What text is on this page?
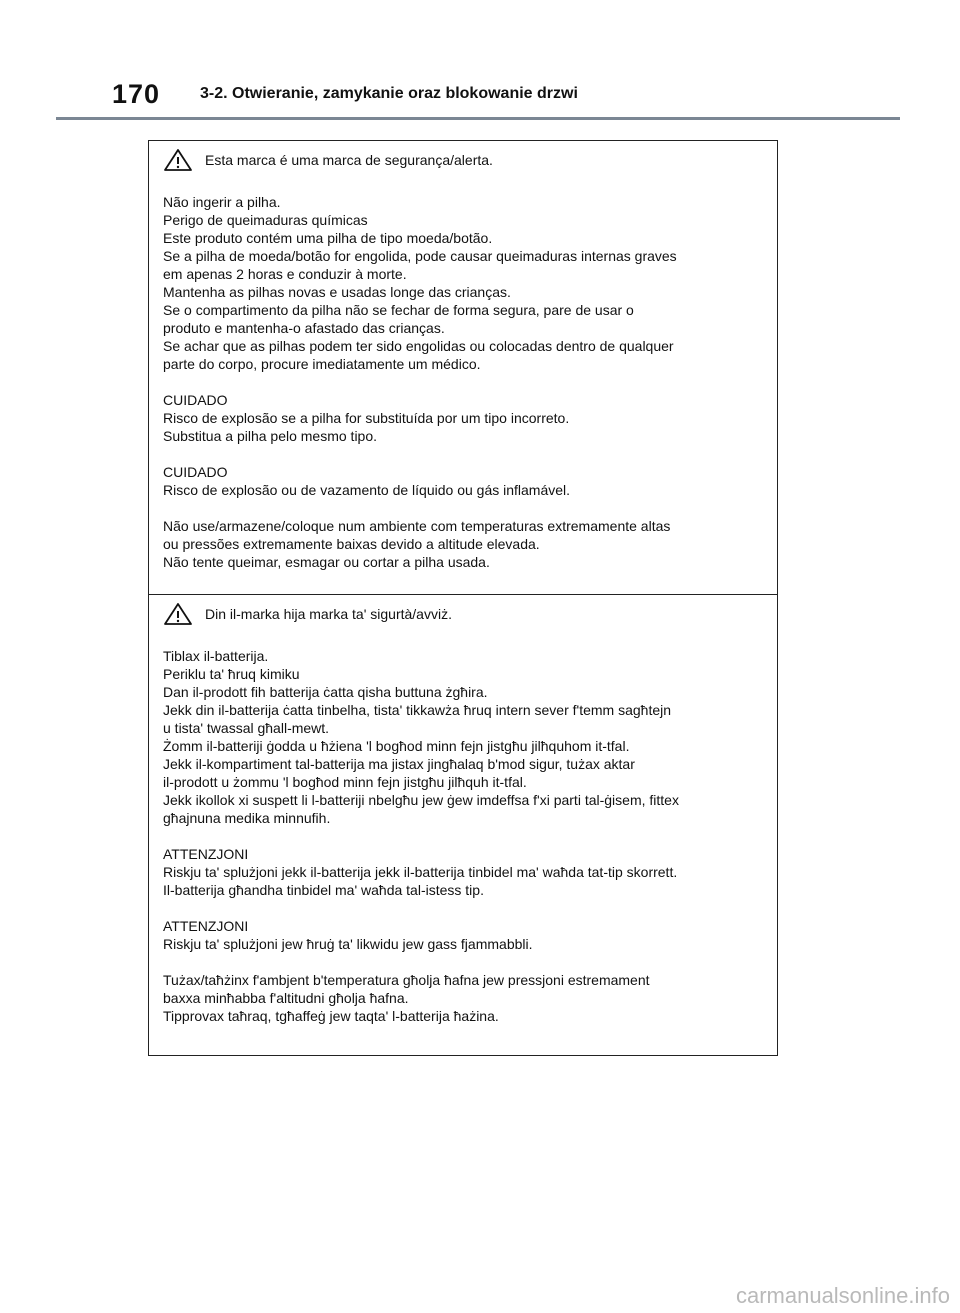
170 3-2. Otwieranie, zamykanie oraz blokowanie drzwi
Esta marca é uma marca de segurança/alerta.
Não ingerir a pilha.
Perigo de queimaduras químicas
Este produto contém uma pilha de tipo moeda/botão.
Se a pilha de moeda/botão for engolida, pode causar queimaduras internas graves
em apenas 2 horas e conduzir à morte.
Mantenha as pilhas novas e usadas longe das crianças.
Se o compartimento da pilha não se fechar de forma segura, pare de usar o
produto e mantenha-o afastado das crianças.
Se achar que as pilhas podem ter sido engolidas ou colocadas dentro de qualquer
parte do corpo, procure imediatamente um médico.
CUIDADO
Risco de explosão se a pilha for substituída por um tipo incorreto.
Substitua a pilha pelo mesmo tipo.
CUIDADO
Risco de explosão ou de vazamento de líquido ou gás inflamável.
Não use/armazene/coloque num ambiente com temperaturas extremamente altas
ou pressões extremamente baixas devido a altitude elevada.
Não tente queimar, esmagar ou cortar a pilha usada.
Din il-marka hija marka ta' sigurtà/avviż.
Tiblax il-batterija.
Periklu ta' ħruq kimiku
Dan il-prodott fih batterija ċatta qisha buttuna żgħira.
Jekk din il-batterija ċatta tinbelha, tista' tikkawża ħruq intern sever f'temm sagħtejn
u tista' twassal għall-mewt.
Żomm il-batteriji ġodda u ħżiena 'l bogħod minn fejn jistgħu jilħquhom it-tfal.
Jekk il-kompartiment tal-batterija ma jistax jingħalaq b'mod sigur, tużax aktar
il-prodott u żommu 'l bogħod minn fejn jistgħu jilħquh it-tfal.
Jekk ikollok xi suspett li l-batteriji nbelgħu jew ġew imdeffsa f'xi parti tal-ġisem, fittex
għajnuna medika minnufih.
ATTENZJONI
Riskju ta' splużjoni jekk il-batterija jekk il-batterija tinbidel ma' waħda tat-tip skorrett.
Il-batterija għandha tinbidel ma' waħda tal-istess tip.
ATTENZJONI
Riskju ta' splużjoni jew ħruġ ta' likwidu jew gass fjammabbli.
Tużax/taħżinx f'ambjent b'temperatura għolja ħafna jew pressjoni estremament
baxxa minħabba f'altitudni għolja ħafna.
Tipprovax taħraq, tgħaffeġ jew taqta' l-batterija ħażina.
carmanualsonline.info
